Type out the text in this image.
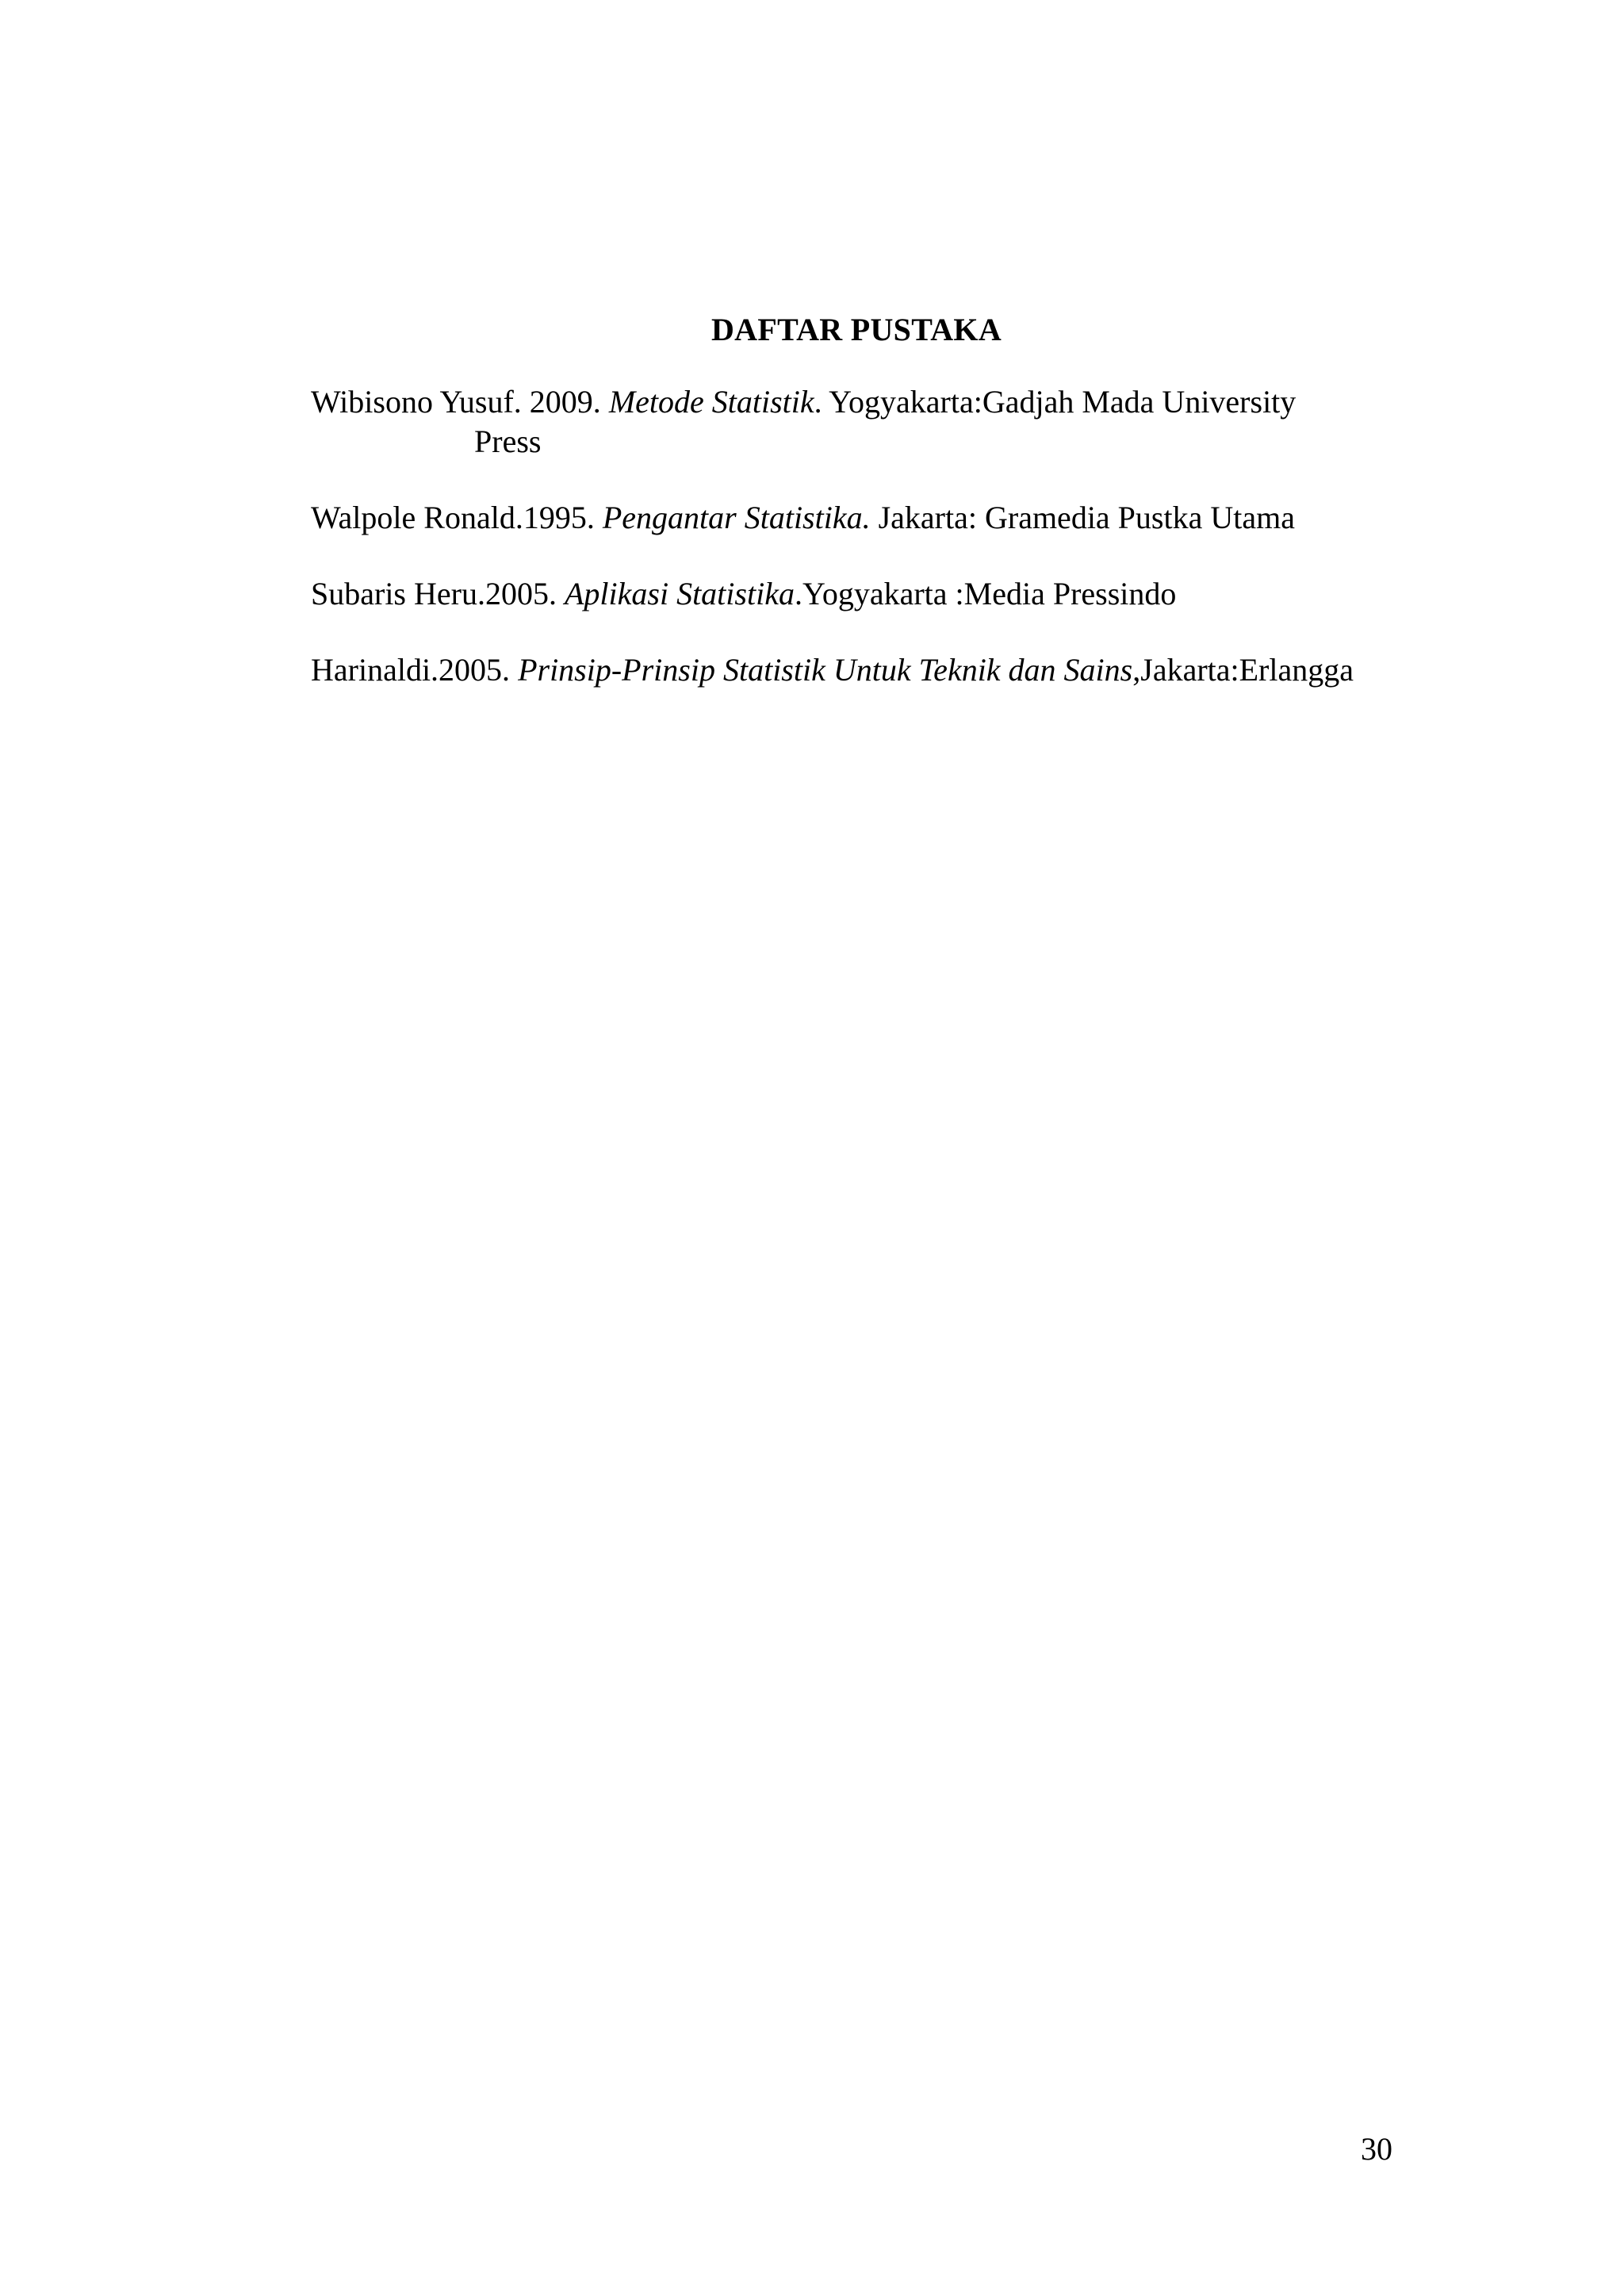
DAFTAR PUSTAKA

Wibisono Yusuf. 2009. Metode Statistik. Yogyakarta:Gadjah Mada University
Press

Walpole Ronald.1995. Pengantar Statistika. Jakarta: Gramedia Pustka Utama

Subaris Heru.2005. Aplikasi Statistika.Yogyakarta :Media Pressindo

Harinaldi.2005. Prinsip-Prinsip Statistik Untuk Teknik dan Sains,Jakarta:Erlangga

30
